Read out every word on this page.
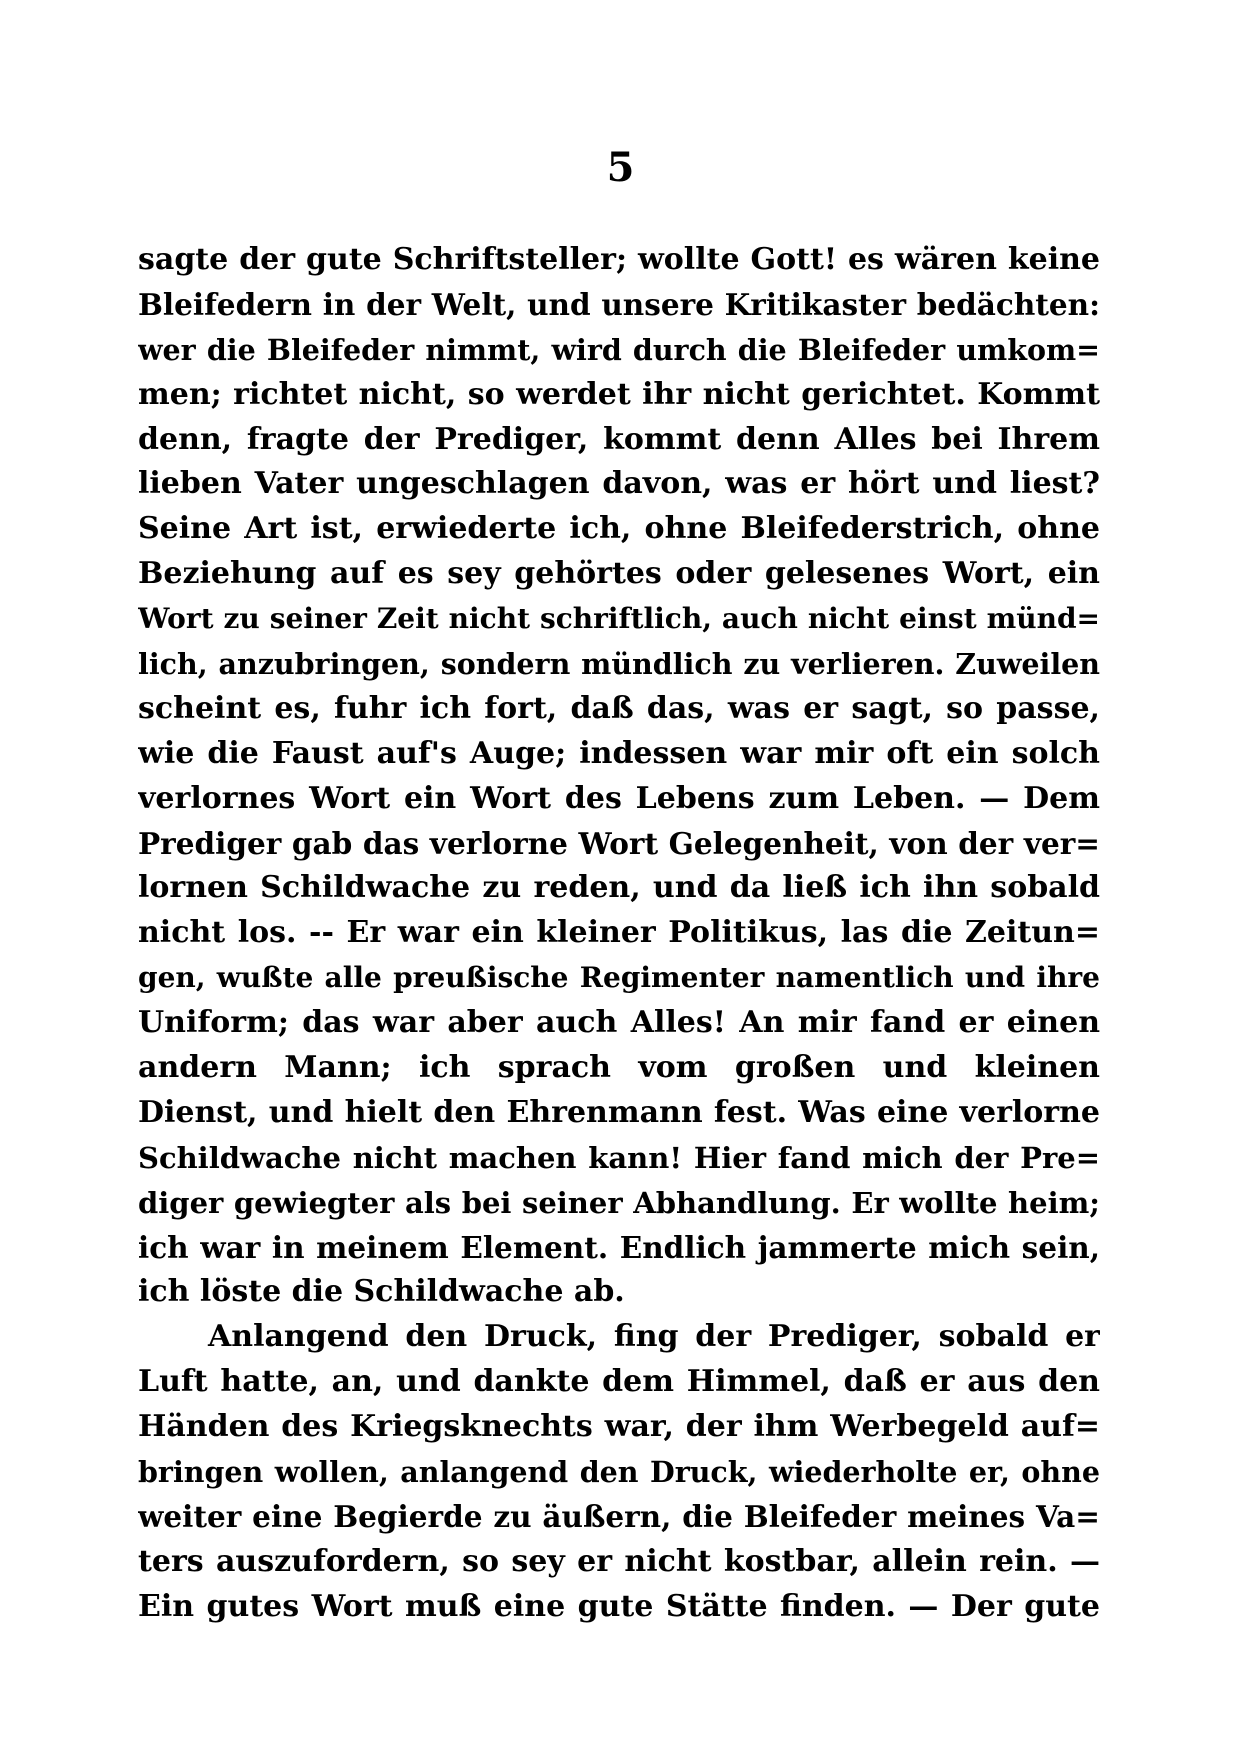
5
sagte der gute Schriftsteller; wollte Gott! es wären keine
Bleifedern in der Welt, und unsere Kritikaster bedächten:
wer die Bleifeder nimmt, wird durch die Bleifeder umkom=
men; richtet nicht, so werdet ihr nicht gerichtet. Kommt
denn, fragte der Prediger, kommt denn Alles bei Ihrem
lieben Vater ungeschlagen davon, was er hört und liest?
Seine Art ist, erwiederte ich, ohne Bleifederstrich, ohne
Beziehung auf es sey gehörtes oder gelesenes Wort, ein
Wort zu seiner Zeit nicht schriftlich, auch nicht einst münd=
lich, anzubringen, sondern mündlich zu verlieren. Zuweilen
scheint es, fuhr ich fort, daß das, was er sagt, so passe,
wie die Faust auf's Auge; indessen war mir oft ein solch
verlornes Wort ein Wort des Lebens zum Leben. — Dem
Prediger gab das verlorne Wort Gelegenheit, von der ver=
lornen Schildwache zu reden, und da ließ ich ihn sobald
nicht los. -- Er war ein kleiner Politikus, las die Zeitun=
gen, wußte alle preußische Regimenter namentlich und ihre
Uniform; das war aber auch Alles! An mir fand er einen
andern Mann; ich sprach vom großen und kleinen
Dienst, und hielt den Ehrenmann fest. Was eine verlorne
Schildwache nicht machen kann! Hier fand mich der Pre=
diger gewiegter als bei seiner Abhandlung. Er wollte heim;
ich war in meinem Element. Endlich jammerte mich sein,
ich löste die Schildwache ab.
Anlangend den Druck, fing der Prediger, sobald er
Luft hatte, an, und dankte dem Himmel, daß er aus den
Händen des Kriegsknechts war, der ihm Werbegeld auf=
bringen wollen, anlangend den Druck, wiederholte er, ohne
weiter eine Begierde zu äußern, die Bleifeder meines Va=
ters auszufordern, so sey er nicht kostbar, allein rein. —
Ein gutes Wort muß eine gute Stätte finden. — Der gute
